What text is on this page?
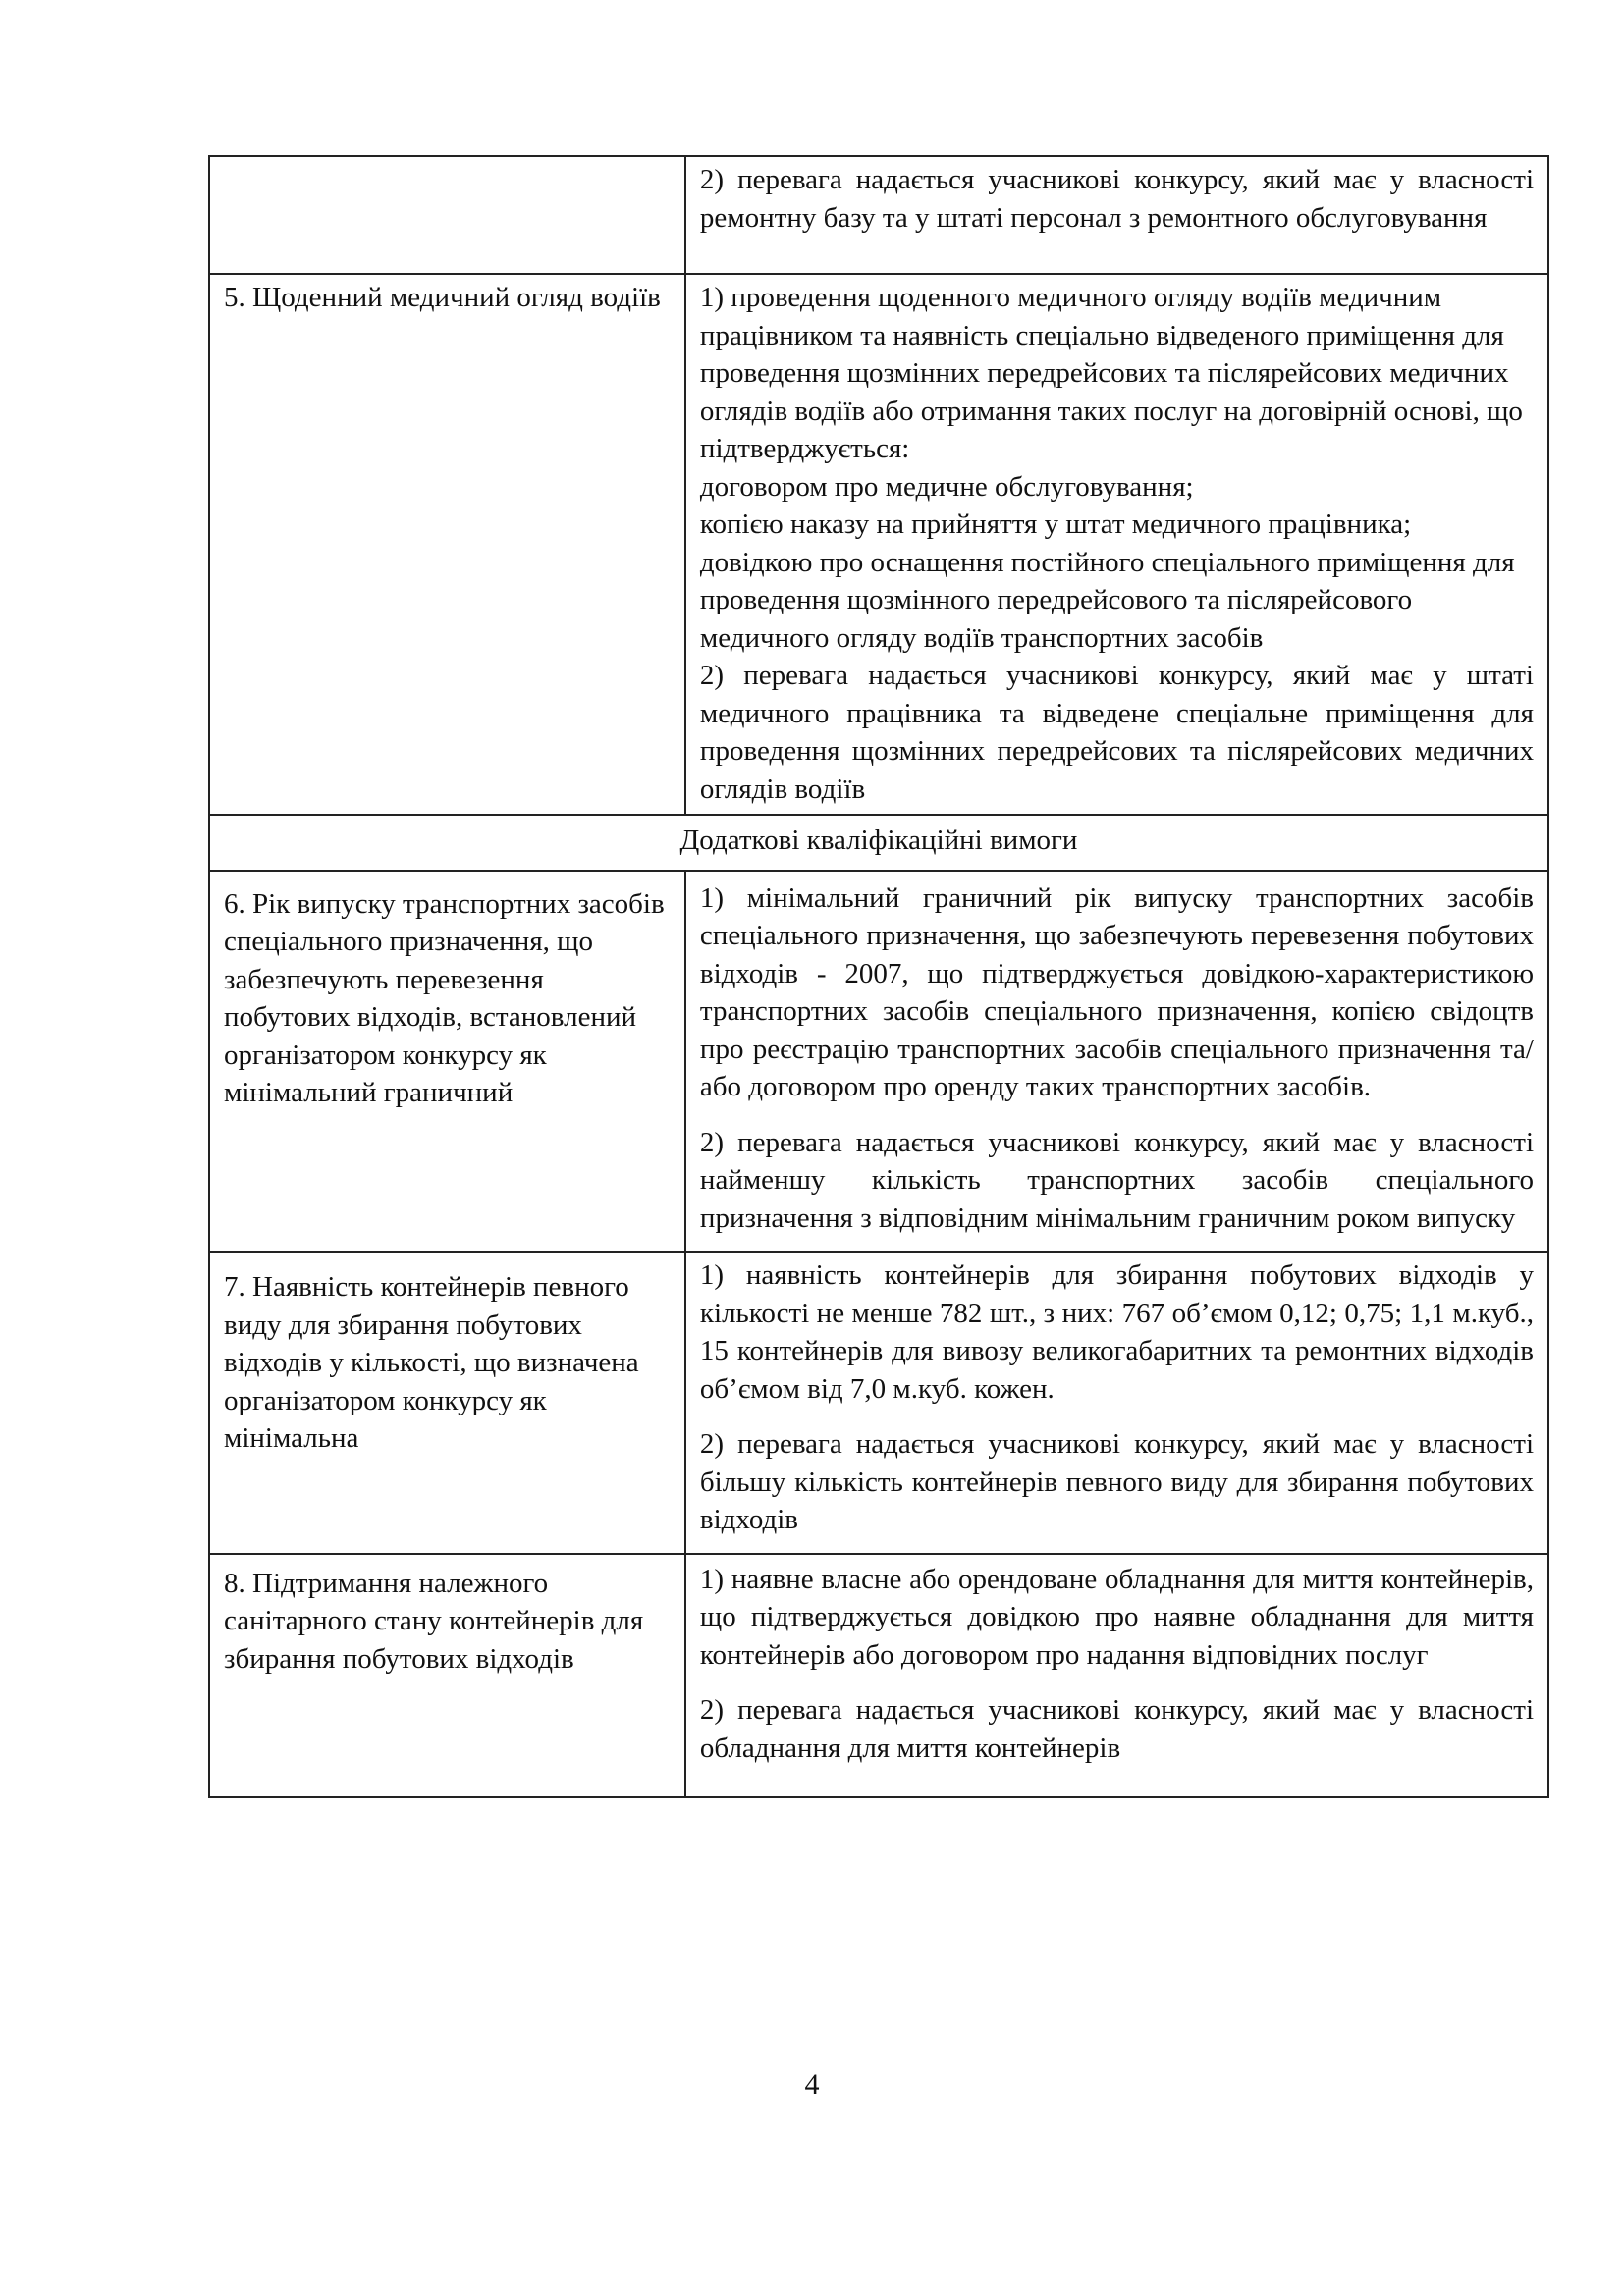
	2) перевага надається учасникові конкурсу, який має у власності ремонтну базу та у штаті персонал з ремонтного обслуговування

5. Щоденний медичний огляд водіїв	1) проведення щоденного медичного огляду водіїв медичним працівником та наявність спеціально відведеного приміщення для проведення щозмінних передрейсових та післярейсових медичних оглядів водіїв або отримання таких послуг на договірній основі, що підтверджується:

договором про медичне обслуговування;

копією наказу на прийняття у штат медичного працівника;

довідкою про оснащення постійного спеціального приміщення для проведення щозмінного передрейсового та післярейсового медичного огляду водіїв транспортних засобів

2) перевага надається учасникові конкурсу, який має у штаті медичного працівника та відведене спеціальне приміщення для проведення щозмінних передрейсових та післярейсових медичних оглядів водіїв

Додаткові кваліфікаційні вимоги	

6. Рік випуску транспортних засобів спеціального призначення, що забезпечують перевезення побутових відходів, встановлений організатором конкурсу як мінімальний граничний	1) мінімальний граничний рік випуску транспортних засобів спеціального призначення, що забезпечують перевезення побутових відходів - 2007, що підтверджується довідкою-характеристикою транспортних засобів спеціального призначення, копією свідоцтв про реєстрацію транспортних засобів спеціального призначення та/або договором про оренду таких транспортних засобів.

2) перевага надається учасникові конкурсу, який має у власності найменшу кількість транспортних засобів спеціального призначення з відповідним мінімальним граничним роком випуску

7. Наявність контейнерів певного виду для збирання побутових відходів у кількості, що визначена організатором конкурсу як мінімальна	1) наявність контейнерів для збирання побутових відходів у кількості не менше 782 шт., з них: 767 об’ємом 0,12; 0,75; 1,1 м.куб., 15 контейнерів для вивозу великогабаритних та ремонтних відходів об’ємом від 7,0 м.куб. кожен.

2) перевага надається учасникові конкурсу, який має у власності більшу кількість контейнерів певного виду для збирання побутових відходів

8. Підтримання належного санітарного стану контейнерів для збирання побутових відходів	1) наявне власне або орендоване обладнання для миття контейнерів, що підтверджується довідкою про наявне обладнання для миття контейнерів або договором про надання відповідних послуг

2) перевага надається учасникові конкурсу, який має у власності обладнання для миття контейнерів

4
